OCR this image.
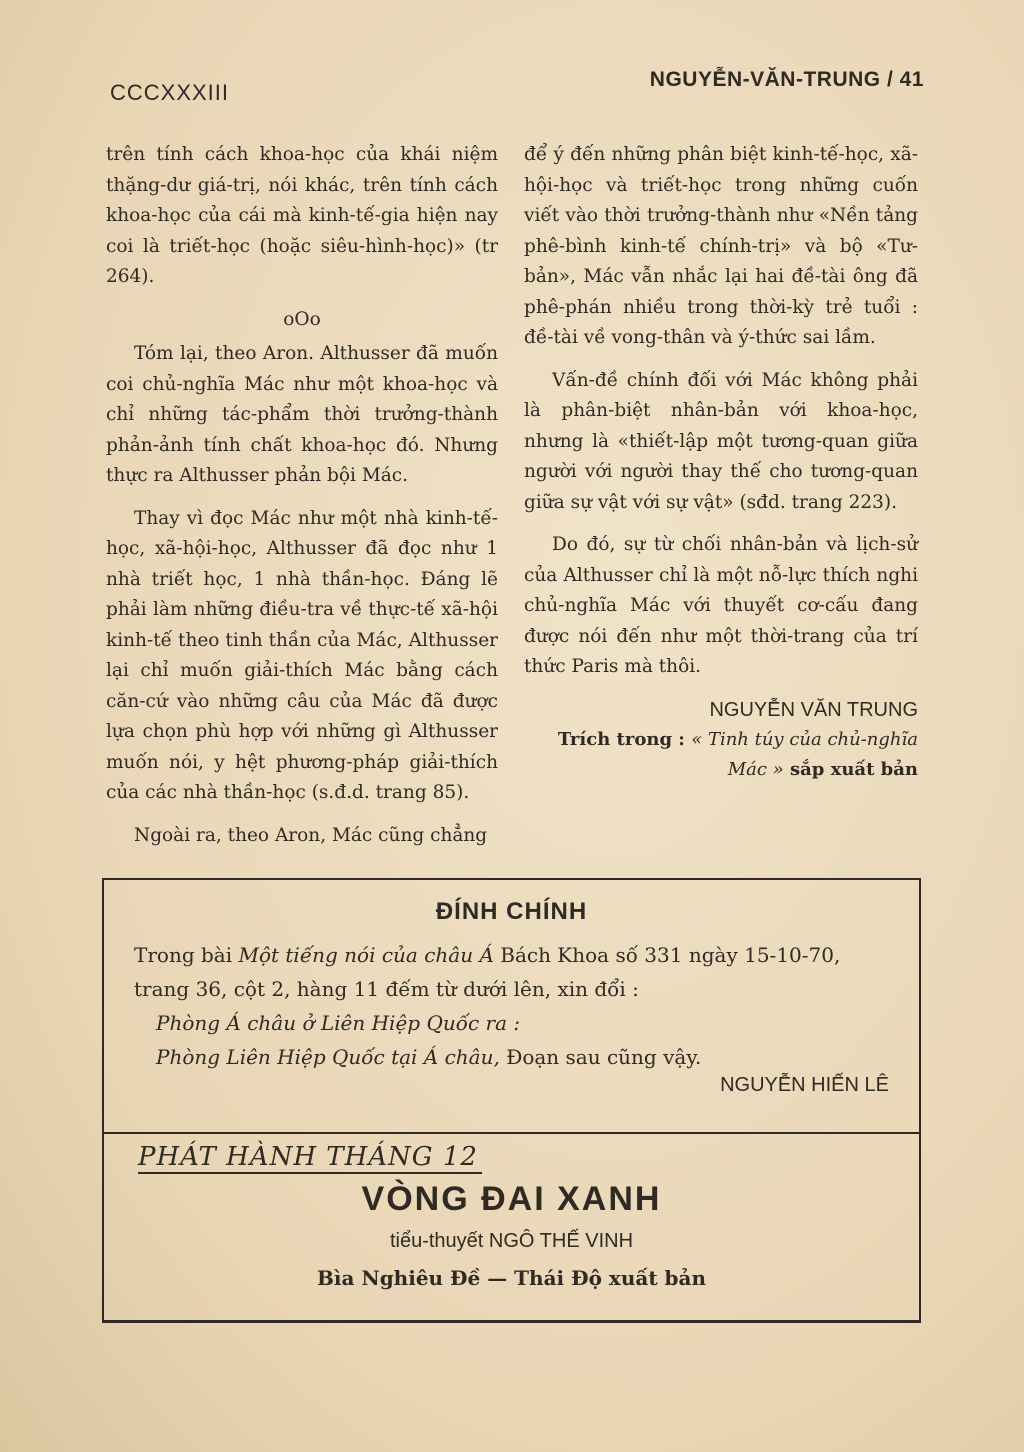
CCCXXXIII
NGUYỄN-VĂN-TRUNG / 41

trên tính cách khoa-học của khái niệm thặng-dư giá-trị, nói khác, trên tính cách khoa-học của cái mà kinh-tế-gia hiện nay coi là triết-học (hoặc siêu-hình-học)» (tr 264).

oOo

Tóm lại, theo Aron. Althusser đã muốn coi chủ-nghĩa Mác như một khoa-học và chỉ những tác-phẩm thời trưởng-thành phản-ảnh tính chất khoa-học đó. Nhưng thực ra Althusser phản bội Mác.

Thay vì đọc Mác như một nhà kinh-tế-học, xã-hội-học, Althusser đã đọc như 1 nhà triết học, 1 nhà thần-học. Đáng lẽ phải làm những điều-tra về thực-tế xã-hội kinh-tế theo tinh thần của Mác, Althusser lại chỉ muốn giải-thích Mác bằng cách căn-cứ vào những câu của Mác đã được lựa chọn phù hợp với những gì Althusser muốn nói, y hệt phương-pháp giải-thích của các nhà thần-học (s.đ.d. trang 85).

Ngoài ra, theo Aron, Mác cũng chẳng

để ý đến những phân biệt kinh-tế-học, xã-hội-học và triết-học trong những cuốn viết vào thời trưởng-thành như «Nền tảng phê-bình kinh-tế chính-trị» và bộ «Tư-bản», Mác vẫn nhắc lại hai đề-tài ông đã phê-phán nhiều trong thời-kỳ trẻ tuổi : đề-tài về vong-thân và ý-thức sai lầm.

Vấn-đề chính đối với Mác không phải là phân-biệt nhân-bản với khoa-học, nhưng là «thiết-lập một tương-quan giữa người với người thay thế cho tương-quan giữa sự vật với sự vật» (sđd. trang 223).

Do đó, sự từ chối nhân-bản và lịch-sử của Althusser chỉ là một nỗ-lực thích nghi chủ-nghĩa Mác với thuyết cơ-cấu đang được nói đến như một thời-trang của trí thức Paris mà thôi.

NGUYỄN VĂN TRUNG
Trích trong : « Tinh túy của chủ-nghĩa Mác » sắp xuất bản
ĐÍNH CHÍNH
Trong bài Một tiếng nói của châu Á Bách Khoa số 331 ngày 15-10-70, trang 36, cột 2, hàng 11 đếm từ dưới lên, xin đổi :
Phòng Á châu ở Liên Hiệp Quốc ra :
Phòng Liên Hiệp Quốc tại Á châu, Đoạn sau cũng vậy.
NGUYỄN HIẾN LÊ
PHÁT HÀNH THÁNG 12
VÒNG ĐAI XANH
tiểu-thuyết NGÔ THẾ VINH
Bìa Nghiêu Đề — Thái Độ xuất bản
